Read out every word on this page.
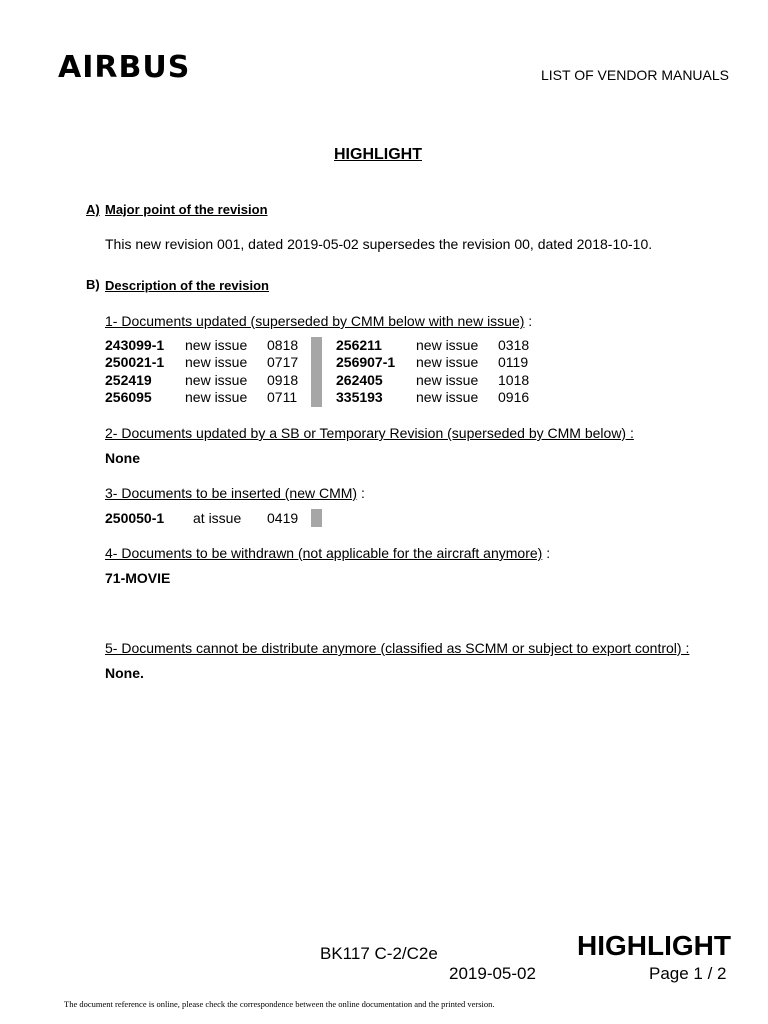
AIRBUS	LIST OF VENDOR MANUALS
HIGHLIGHT
A) Major point of the revision
This new revision 001, dated 2019-05-02 supersedes the revision 00, dated 2018-10-10.
B) Description of the revision
1- Documents updated (superseded by CMM below with new issue) :
243099-1 new issue 0818	256211 new issue 0318
250021-1 new issue 0717	256907-1 new issue 0119
252419 new issue 0918	262405 new issue 1018
256095 new issue 0711	335193 new issue 0916
2- Documents updated by a SB or Temporary Revision (superseded by CMM below) :
None
3- Documents to be inserted (new CMM) :
250050-1 at issue 0419
4- Documents to be withdrawn (not applicable for the aircraft anymore) :
71-MOVIE
5- Documents cannot be distribute anymore (classified as SCMM or subject to export control) :
None.
BK117 C-2/C2e
2019-05-02
HIGHLIGHT
Page 1 / 2
The document reference is online, please check the correspondence between the online documentation and the printed version.
